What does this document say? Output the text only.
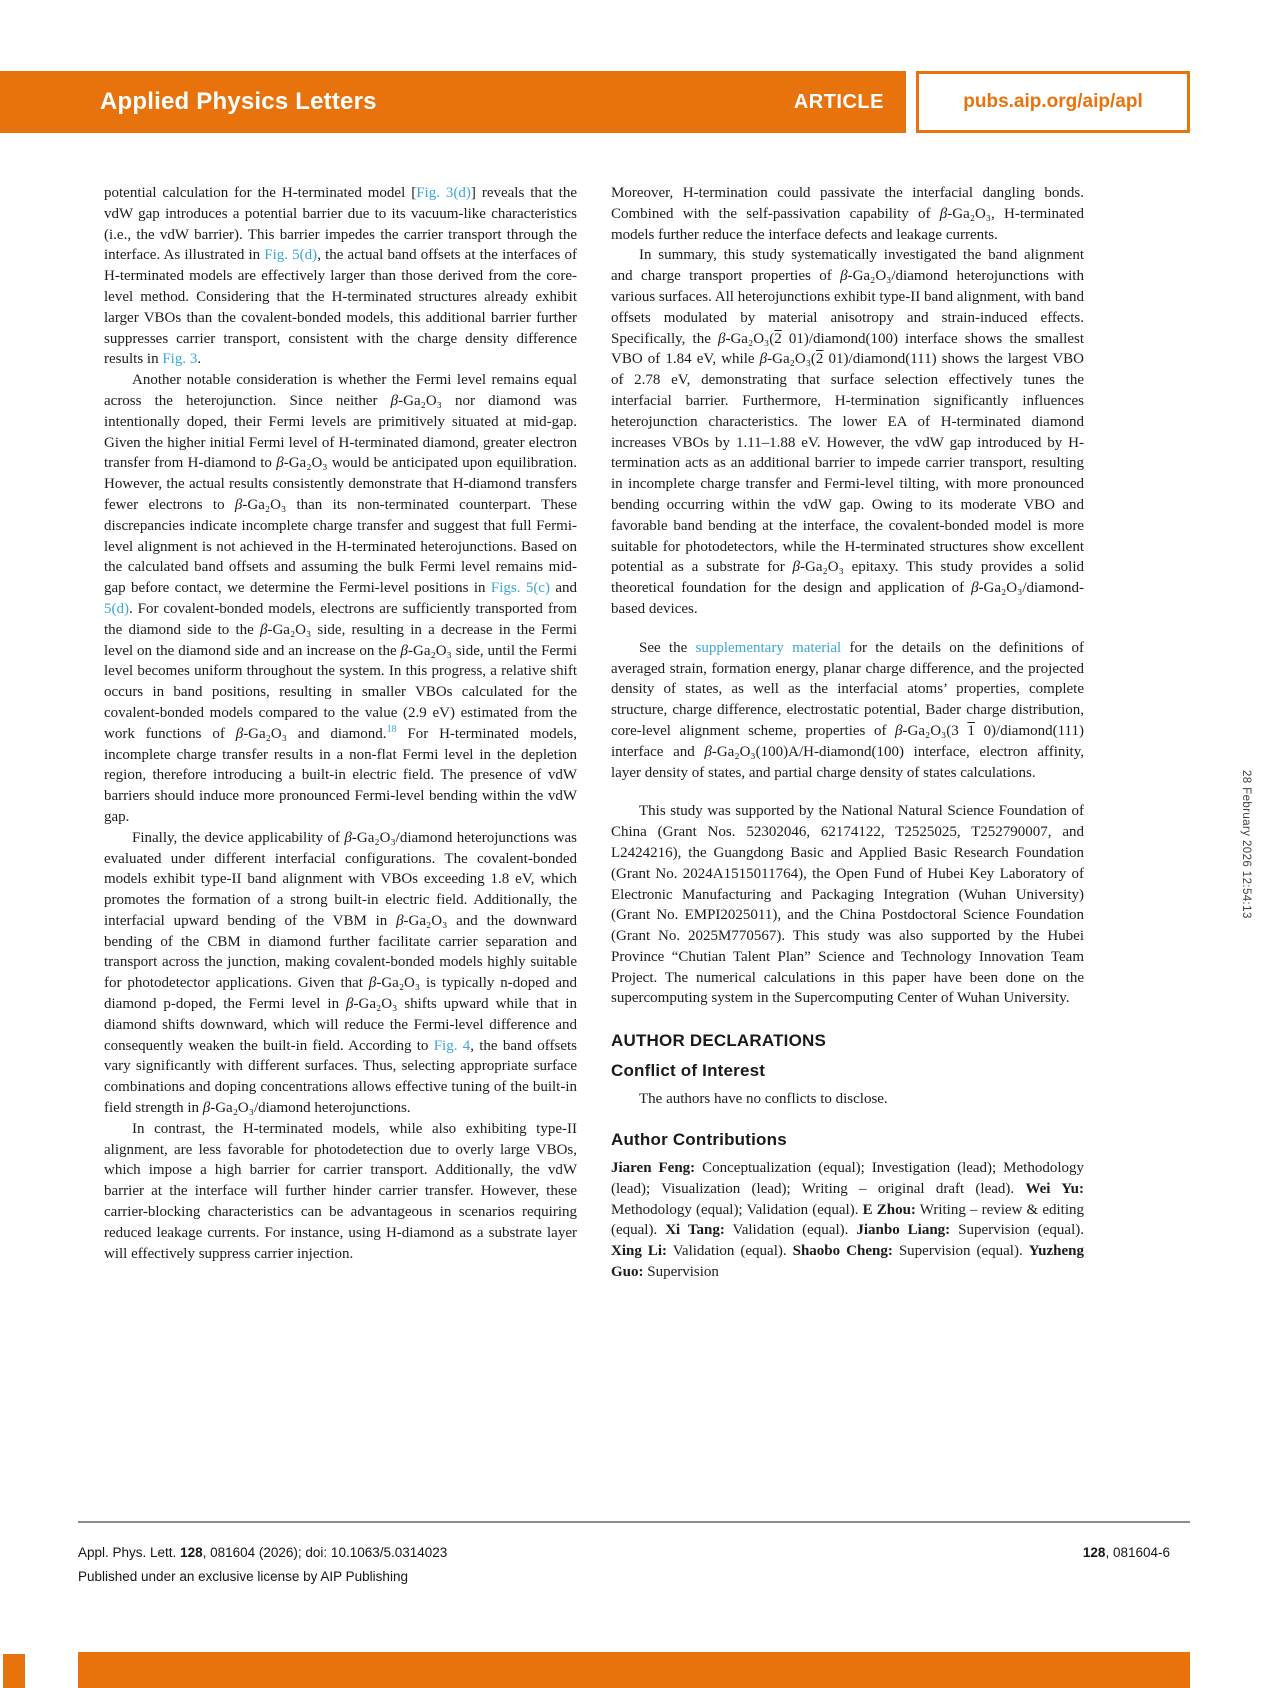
Applied Physics Letters	ARTICLE	pubs.aip.org/aip/apl

potential calculation for the H-terminated model [Fig. 3(d)] reveals that the vdW gap introduces a potential barrier due to its vacuum-like characteristics (i.e., the vdW barrier). This barrier impedes the carrier transport through the interface. As illustrated in Fig. 5(d), the actual band offsets at the interfaces of H-terminated models are effectively larger than those derived from the core-level method. Considering that the H-terminated structures already exhibit larger VBOs than the covalent-bonded models, this additional barrier further suppresses carrier transport, consistent with the charge density difference results in Fig. 3.

Another notable consideration is whether the Fermi level remains equal across the heterojunction. Since neither β-Ga₂O₃ nor diamond was intentionally doped, their Fermi levels are primitively situated at mid-gap. Given the higher initial Fermi level of H-terminated diamond, greater electron transfer from H-diamond to β-Ga₂O₃ would be anticipated upon equilibration. However, the actual results consistently demonstrate that H-diamond transfers fewer electrons to β-Ga₂O₃ than its non-terminated counterpart. These discrepancies indicate incomplete charge transfer and suggest that full Fermi-level alignment is not achieved in the H-terminated heterojunctions. Based on the calculated band offsets and assuming the bulk Fermi level remains mid-gap before contact, we determine the Fermi-level positions in Figs. 5(c) and 5(d). For covalent-bonded models, electrons are sufficiently transported from the diamond side to the β-Ga₂O₃ side, resulting in a decrease in the Fermi level on the diamond side and an increase on the β-Ga₂O₃ side, until the Fermi level becomes uniform throughout the system. In this progress, a relative shift occurs in band positions, resulting in smaller VBOs calculated for the covalent-bonded models compared to the value (2.9 eV) estimated from the work functions of β-Ga₂O₃ and diamond.$^{18}$ For H-terminated models, incomplete charge transfer results in a non-flat Fermi level in the depletion region, therefore introducing a built-in electric field. The presence of vdW barriers should induce more pronounced Fermi-level bending within the vdW gap.

Finally, the device applicability of β-Ga₂O₃/diamond heterojunctions was evaluated under different interfacial configurations. The covalent-bonded models exhibit type-II band alignment with VBOs exceeding 1.8 eV, which promotes the formation of a strong built-in electric field. Additionally, the interfacial upward bending of the VBM in β-Ga₂O₃ and the downward bending of the CBM in diamond further facilitate carrier separation and transport across the junction, making covalent-bonded models highly suitable for photodetector applications. Given that β-Ga₂O₃ is typically n-doped and diamond p-doped, the Fermi level in β-Ga₂O₃ shifts upward while that in diamond shifts downward, which will reduce the Fermi-level difference and consequently weaken the built-in field. According to Fig. 4, the band offsets vary significantly with different surfaces. Thus, selecting appropriate surface combinations and doping concentrations allows effective tuning of the built-in field strength in β-Ga₂O₃/diamond heterojunctions.

In contrast, the H-terminated models, while also exhibiting type-II alignment, are less favorable for photodetection due to overly large VBOs, which impose a high barrier for carrier transport. Additionally, the vdW barrier at the interface will further hinder carrier transfer. However, these carrier-blocking characteristics can be advantageous in scenarios requiring reduced leakage currents. For instance, using H-diamond as a substrate layer will effectively suppress carrier injection.

Moreover, H-termination could passivate the interfacial dangling bonds. Combined with the self-passivation capability of β-Ga₂O₃, H-terminated models further reduce the interface defects and leakage currents.

In summary, this study systematically investigated the band alignment and charge transport properties of β-Ga₂O₃/diamond heterojunctions with various surfaces. All heterojunctions exhibit type-II band alignment, with band offsets modulated by material anisotropy and strain-induced effects. Specifically, the β-Ga₂O₃(2 01)/diamond(100) interface shows the smallest VBO of 1.84 eV, while β-Ga₂O₃(2 01)/diamond(111) shows the largest VBO of 2.78 eV, demonstrating that surface selection effectively tunes the interfacial barrier. Furthermore, H-termination significantly influences heterojunction characteristics. The lower EA of H-terminated diamond increases VBOs by 1.11–1.88 eV. However, the vdW gap introduced by H-termination acts as an additional barrier to impede carrier transport, resulting in incomplete charge transfer and Fermi-level tilting, with more pronounced bending occurring within the vdW gap. Owing to its moderate VBO and favorable band bending at the interface, the covalent-bonded model is more suitable for photodetectors, while the H-terminated structures show excellent potential as a substrate for β-Ga₂O₃ epitaxy. This study provides a solid theoretical foundation for the design and application of β-Ga₂O₃/diamond-based devices.

See the supplementary material for the details on the definitions of averaged strain, formation energy, planar charge difference, and the projected density of states, as well as the interfacial atoms’ properties, complete structure, charge difference, electrostatic potential, Bader charge distribution, core-level alignment scheme, properties of β-Ga₂O₃(3 1 0)/diamond(111) interface and β-Ga₂O₃(100)A/H-diamond(100) interface, electron affinity, layer density of states, and partial charge density of states calculations.

This study was supported by the National Natural Science Foundation of China (Grant Nos. 52302046, 62174122, T2525025, T252790007, and L2424216), the Guangdong Basic and Applied Basic Research Foundation (Grant No. 2024A1515011764), the Open Fund of Hubei Key Laboratory of Electronic Manufacturing and Packaging Integration (Wuhan University) (Grant No. EMPI2025011), and the China Postdoctoral Science Foundation (Grant No. 2025M770567). This study was also supported by the Hubei Province “Chutian Talent Plan” Science and Technology Innovation Team Project. The numerical calculations in this paper have been done on the supercomputing system in the Supercomputing Center of Wuhan University.

AUTHOR DECLARATIONS
Conflict of Interest

The authors have no conflicts to disclose.

Author Contributions

Jiaren Feng: Conceptualization (equal); Investigation (lead); Methodology (lead); Visualization (lead); Writing – original draft (lead). Wei Yu: Methodology (equal); Validation (equal). E Zhou: Writing – review & editing (equal). Xi Tang: Validation (equal). Jianbo Liang: Supervision (equal). Xing Li: Validation (equal). Shaobo Cheng: Supervision (equal). Yuzheng Guo: Supervision

28 February 2026 12:54:13
Appl. Phys. Lett. 128, 081604 (2026); doi: 10.1063/5.0314023
Published under an exclusive license by AIP Publishing
128, 081604-6
